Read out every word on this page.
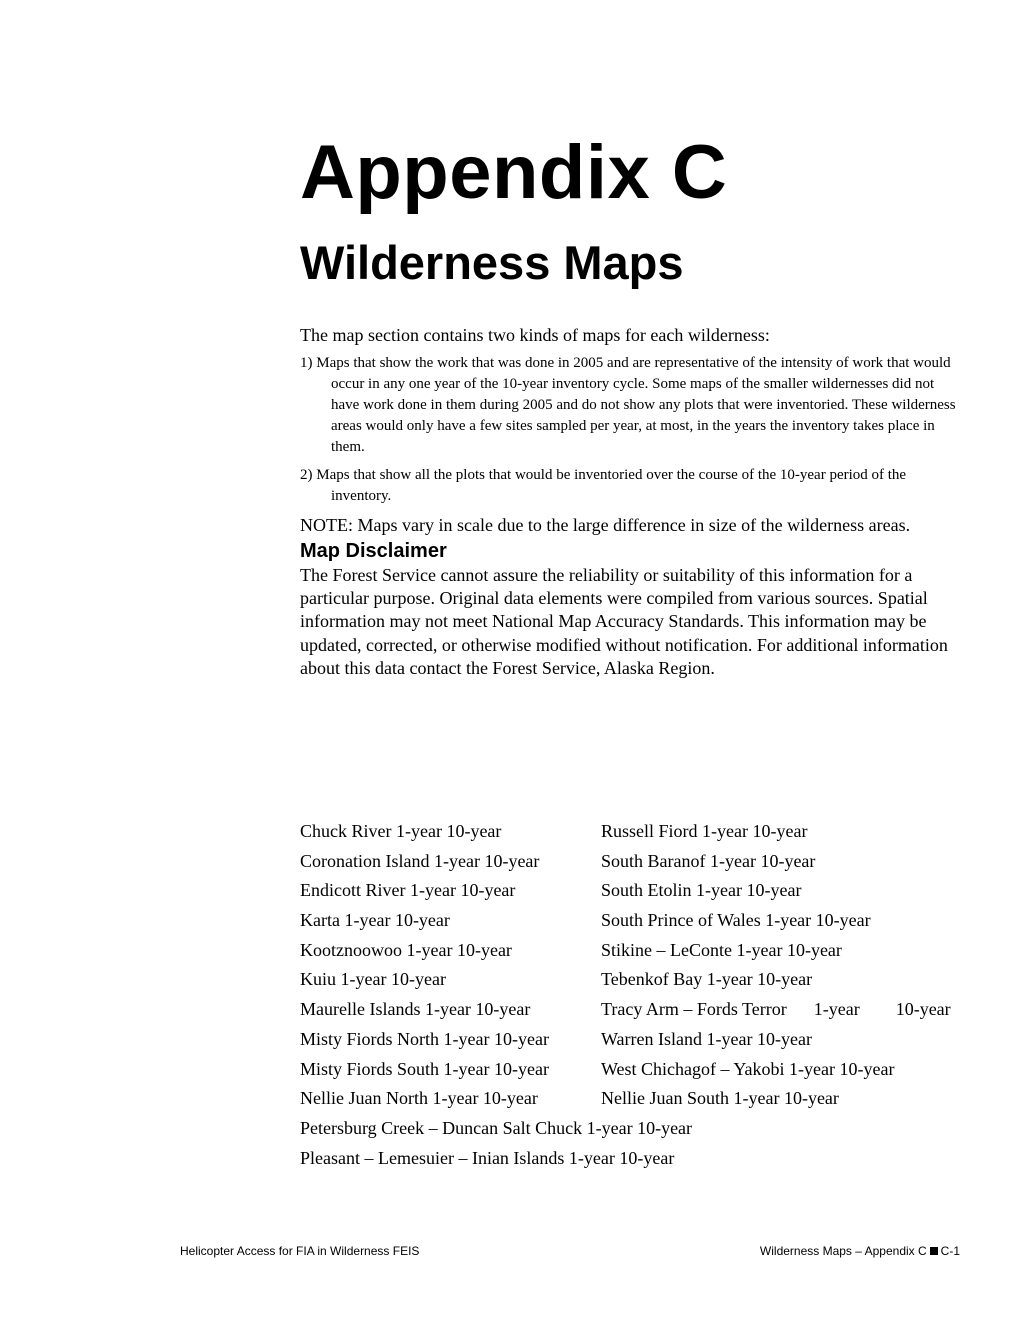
Appendix C
Wilderness Maps

The map section contains two kinds of maps for each wilderness:

1) Maps that show the work that was done in 2005 and are representative of the intensity of work that would occur in any one year of the 10-year inventory cycle. Some maps of the smaller wildernesses did not have work done in them during 2005 and do not show any plots that were inventoried. These wilderness areas would only have a few sites sampled per year, at most, in the years the inventory takes place in them.

2) Maps that show all the plots that would be inventoried over the course of the 10-year period of the inventory.

NOTE: Maps vary in scale due to the large difference in size of the wilderness areas.

Map Disclaimer

The Forest Service cannot assure the reliability or suitability of this information for a particular purpose. Original data elements were compiled from various sources. Spatial information may not meet National Map Accuracy Standards. This information may be updated, corrected, or otherwise modified without notification. For additional information about this data contact the Forest Service, Alaska Region.

Chuck River 1-year 10-year	Russell Fiord 1-year 10-year
Coronation Island 1-year 10-year	South Baranof 1-year 10-year
Endicott River 1-year 10-year	South Etolin 1-year 10-year
Karta 1-year 10-year	South Prince of Wales 1-year 10-year
Kootznoowoo 1-year 10-year	Stikine – LeConte 1-year 10-year
Kuiu 1-year 10-year	Tebenkof Bay 1-year 10-year
Maurelle Islands 1-year 10-year	Tracy Arm – Fords Terror      1-year        10-year
Misty Fiords North 1-year 10-year	Warren Island 1-year 10-year
Misty Fiords South 1-year 10-year	West Chichagof – Yakobi 1-year 10-year
Nellie Juan North 1-year 10-year	Nellie Juan South 1-year 10-year
Petersburg Creek – Duncan Salt Chuck 1-year 10-year
Pleasant – Lemesuier – Inian Islands 1-year 10-year
Helicopter Access for FIA in Wilderness FEIS	Wilderness Maps – Appendix C C-1
